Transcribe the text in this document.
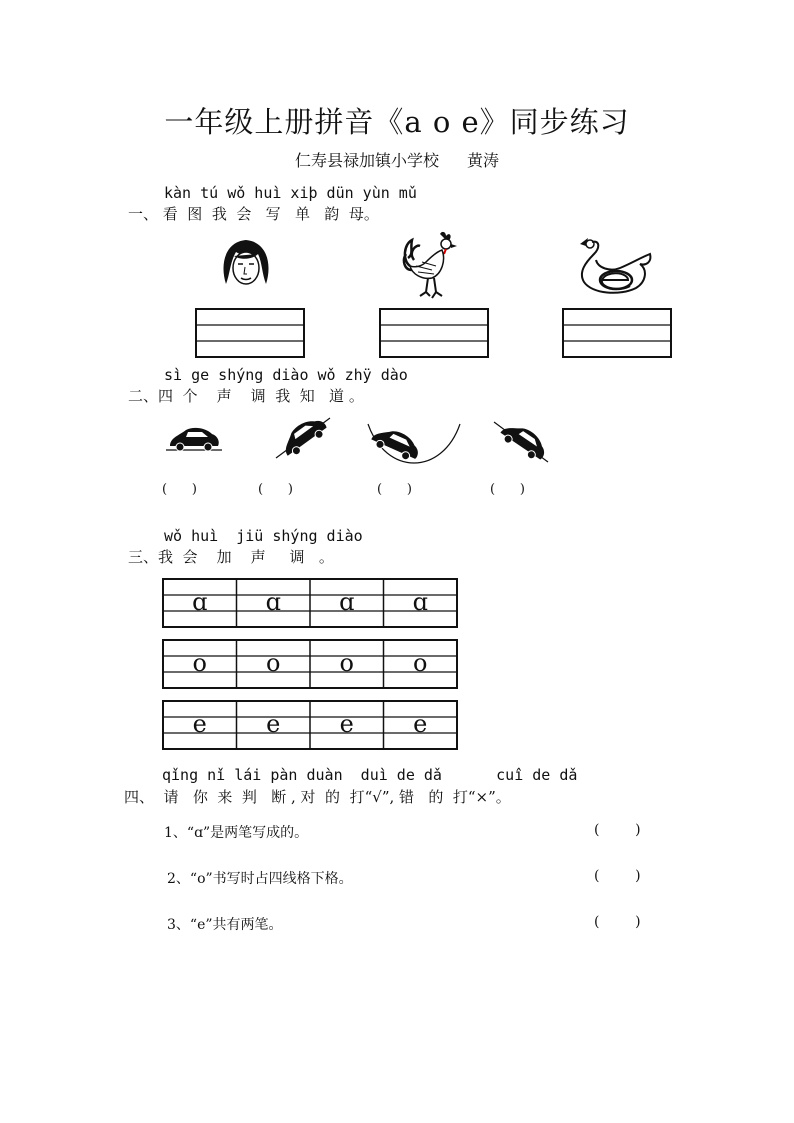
一年级上册拼音《a o e》同步练习
仁寿县禄加镇小学校 黄涛
kàn tú wǒ huì xiþ dün yùn mǔ
一、 看  图  我  会   写   单   韵  母。
sì ge shýng diào wǒ zhÿ dào
二、四  个    声    调  我  知   道 。
(      )	(      )	(      )	(      )
wǒ huì  jiü shýng diào
三、我  会    加    声     调   。
ɑ ɑ ɑ ɑ
o o o o
e e e e
qǐng nǐ lái pàn duàn  duì de dǎ      cuî de dǎ
四、  请   你  来  判   断 , 对  的  打“√”, 错   的  打“×”。
1、“ɑ”是两笔写成的。	(        )
2、“o”书写时占四线格下格。	(        )
3、“e”共有两笔。	(        )
